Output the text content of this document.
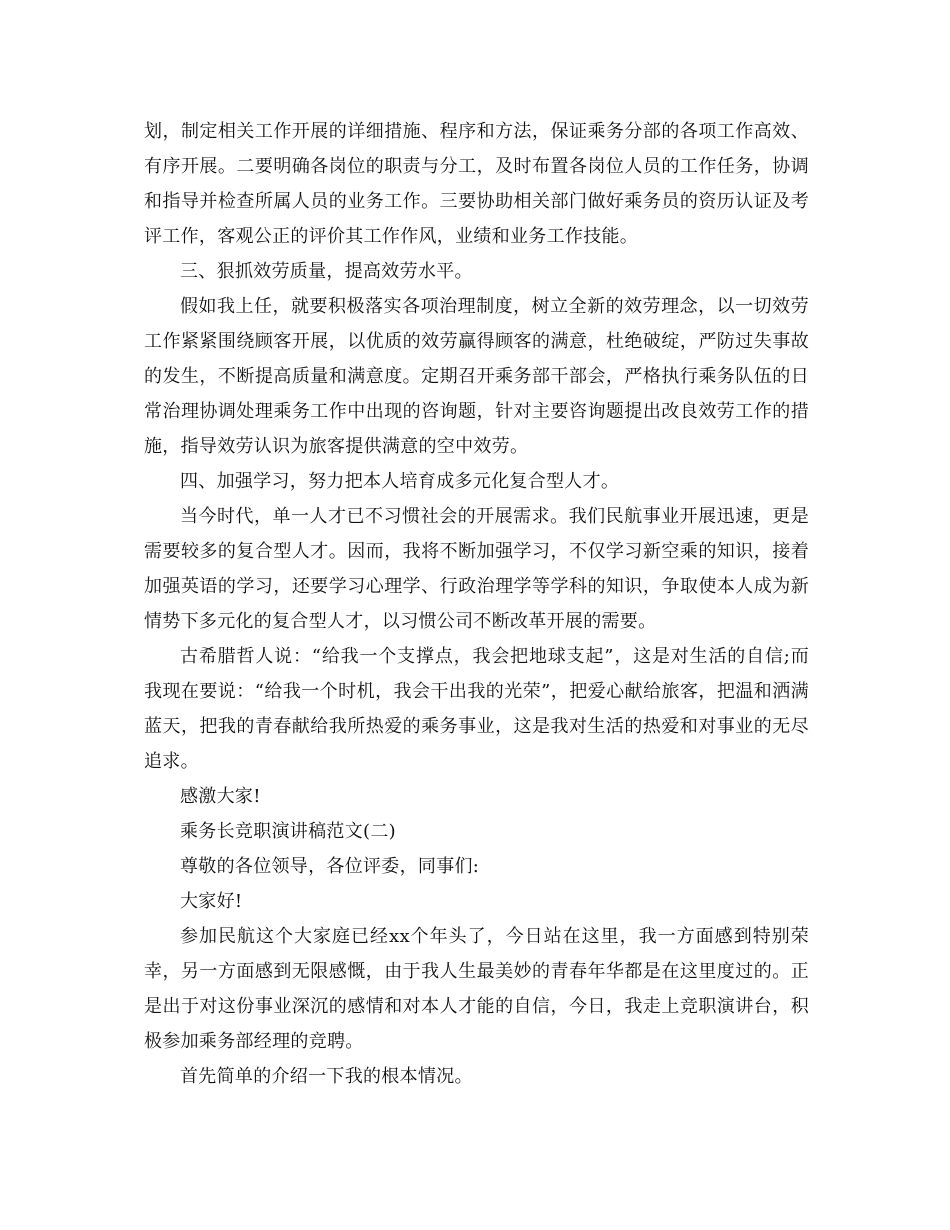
划，制定相关工作开展的详细措施、程序和方法，保证乘务分部的各项工作高效、有序开展。二要明确各岗位的职责与分工，及时布置各岗位人员的工作任务，协调和指导并检查所属人员的业务工作。三要协助相关部门做好乘务员的资历认证及考评工作，客观公正的评价其工作作风，业绩和业务工作技能。

三、狠抓效劳质量，提高效劳水平。

假如我上任，就要积极落实各项治理制度，树立全新的效劳理念，以一切效劳工作紧紧围绕顾客开展，以优质的效劳赢得顾客的满意，杜绝破绽，严防过失事故的发生，不断提高质量和满意度。定期召开乘务部干部会，严格执行乘务队伍的日常治理协调处理乘务工作中出现的咨询题，针对主要咨询题提出改良效劳工作的措施，指导效劳认识为旅客提供满意的空中效劳。

四、加强学习，努力把本人培育成多元化复合型人才。

当今时代，单一人才已不习惯社会的开展需求。我们民航事业开展迅速，更是需要较多的复合型人才。因而，我将不断加强学习，不仅学习新空乘的知识，接着加强英语的学习，还要学习心理学、行政治理学等学科的知识，争取使本人成为新情势下多元化的复合型人才，以习惯公司不断改革开展的需要。

古希腊哲人说：“给我一个支撑点，我会把地球支起”，这是对生活的自信;而我现在要说：“给我一个时机，我会干出我的光荣”，把爱心献给旅客，把温和洒满蓝天，把我的青春献给我所热爱的乘务事业，这是我对生活的热爱和对事业的无尽追求。

感激大家!

乘务长竞职演讲稿范文(二)

尊敬的各位领导，各位评委，同事们:

大家好!

参加民航这个大家庭已经xx个年头了，今日站在这里，我一方面感到特别荣幸，另一方面感到无限感慨，由于我人生最美妙的青春年华都是在这里度过的。正是出于对这份事业深沉的感情和对本人才能的自信，今日，我走上竞职演讲台，积极参加乘务部经理的竞聘。

首先简单的介绍一下我的根本情况。
